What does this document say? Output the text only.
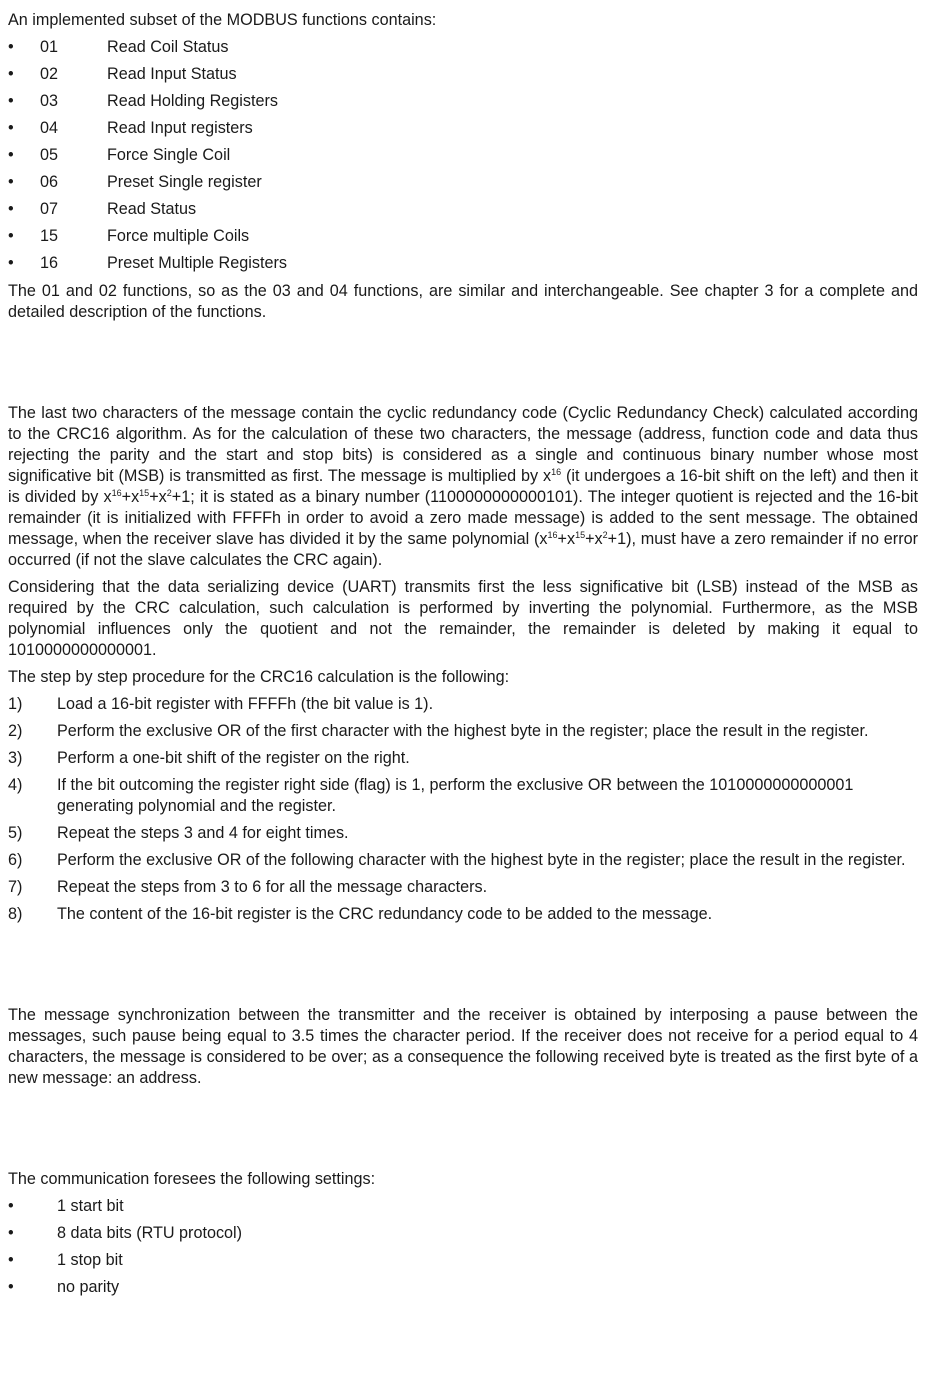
An implemented subset of the MODBUS functions contains:

• 01	Read Coil Status
• 02	Read Input Status
• 03	Read Holding Registers
• 04	Read Input registers
• 05	Force Single Coil
• 06	Preset Single register
• 07	Read Status
• 15	Force multiple Coils
• 16	Preset Multiple Registers

The 01 and 02 functions, so as the 03 and 04 functions, are similar and interchangeable. See chapter 3 for a complete and detailed description of the functions.

The last two characters of the message contain the cyclic redundancy code (Cyclic Redundancy Check) calculated according to the CRC16 algorithm. As for the calculation of these two characters, the message (address, function code and data thus rejecting the parity and the start and stop bits) is considered as a single and continuous binary number whose most significative bit (MSB) is transmitted as first. The message is multiplied by $x^{16}$ (it undergoes a 16-bit shift on the left) and then it is divided by $x^{16}+x^{15}+x^2+1$; it is stated as a binary number (1100000000000101). The integer quotient is rejected and the 16-bit remainder (it is initialized with FFFFh in order to avoid a zero made message) is added to the sent message. The obtained message, when the receiver slave has divided it by the same polynomial $(x^{16}+x^{15}+x^2+1)$, must have a zero remainder if no error occurred (if not the slave calculates the CRC again).

Considering that the data serializing device (UART) transmits first the less significative bit (LSB) instead of the MSB as required by the CRC calculation, such calculation is performed by inverting the polynomial. Furthermore, as the MSB polynomial influences only the quotient and not the remainder, the remainder is deleted by making it equal to 1010000000000001.

The step by step procedure for the CRC16 calculation is the following:

1) Load a 16-bit register with FFFFh (the bit value is 1).
2) Perform the exclusive OR of the first character with the highest byte in the register; place the result in the register.
3) Perform a one-bit shift of the register on the right.
4) If the bit outcoming the register right side (flag) is 1, perform the exclusive OR between the 1010000000000001 generating polynomial and the register.
5) Repeat the steps 3 and 4 for eight times.
6) Perform the exclusive OR of the following character with the highest byte in the register; place the result in the register.
7) Repeat the steps from 3 to 6 for all the message characters.
8) The content of the 16-bit register is the CRC redundancy code to be added to the message.

The message synchronization between the transmitter and the receiver is obtained by interposing a pause between the messages, such pause being equal to 3.5 times the character period. If the receiver does not receive for a period equal to 4 characters, the message is considered to be over; as a consequence the following received byte is treated as the first byte of a new message: an address.

The communication foresees the following settings:

•	1 start bit
•	8 data bits (RTU protocol)
•	1 stop bit
•	no parity
